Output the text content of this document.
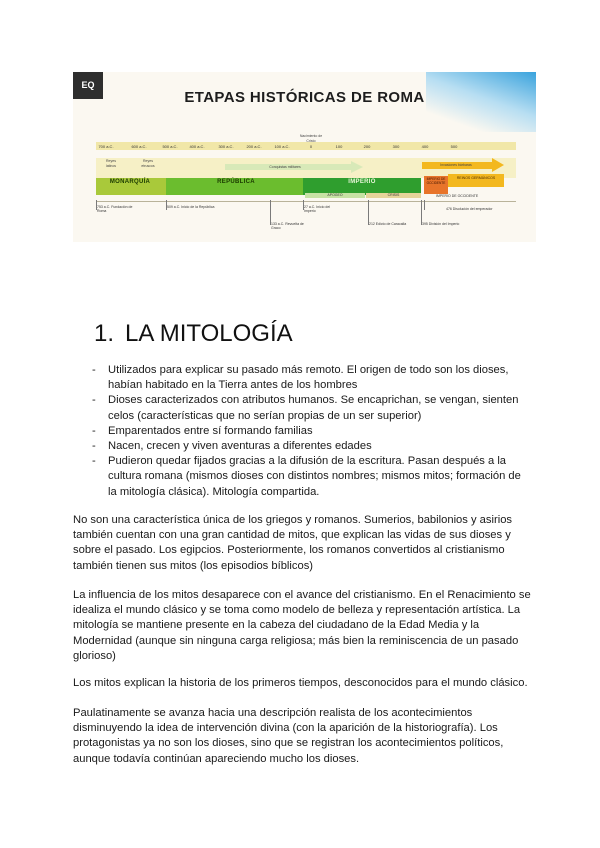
EQ
ETAPAS HISTÓRICAS DE ROMA
700 a.C.	600 a.C.	500 a.C.	400 a.C.	300 a.C.	200 a.C.	100 a.C.	0	100	200	300	400	500
Nacimiento de Cristo
Reyes latinos
Reyes etruscos	Conquistas militares	Invasiones bárbaras
MONARQUÍA	REPÚBLICA	IMPERIO	IMPERIO DE OCCIDENTE
REINOS GERMÁNICOS
APOGEO	CRISIS	IMPERIO DE OCCIDENTE
753 a.C. Fundación de Roma
509 a.C. Inicio de la República	27 a.C. Inicio del Imperio
476 Disolución del emperador
133 a.C. Revuelta de Graco
212 Edicto de Caracalla	395 División del Imperio
1. LA MITOLOGÍA
- Utilizados para explicar su pasado más remoto. El origen de todo son los dioses, habían habitado en la Tierra antes de los hombres
- Dioses caracterizados con atributos humanos. Se encaprichan, se vengan, sienten celos (características que no serían propias de un ser superior)
- Emparentados entre sí formando familias
- Nacen, crecen y viven aventuras a diferentes edades
- Pudieron quedar fijados gracias a la difusión de la escritura. Pasan después a la cultura romana (mismos dioses con distintos nombres; mismos mitos; formación de la mitología clásica). Mitología compartida.

No son una característica única de los griegos y romanos. Sumerios, babilonios y asirios también cuentan con una gran cantidad de mitos, que explican las vidas de sus dioses y sobre el pasado. Los egipcios. Posteriormente, los romanos convertidos al cristianismo también tienen sus mitos (los episodios bíblicos)

La influencia de los mitos desaparece con el avance del cristianismo. En el Renacimiento se idealiza el mundo clásico y se toma como modelo de belleza y representación artística. La mitología se mantiene presente en la cabeza del ciudadano de la Edad Media y la Modernidad (aunque sin ninguna carga religiosa; más bien la reminiscencia de un pasado glorioso)

Los mitos explican la historia de los primeros tiempos, desconocidos para el mundo clásico.

Paulatinamente se avanza hacia una descripción realista de los acontecimientos disminuyendo la idea de intervención divina (con la aparición de la historiografía). Los protagonistas ya no son los dioses, sino que se registran los acontecimientos políticos, aunque todavía continúan apareciendo mucho los dioses.
